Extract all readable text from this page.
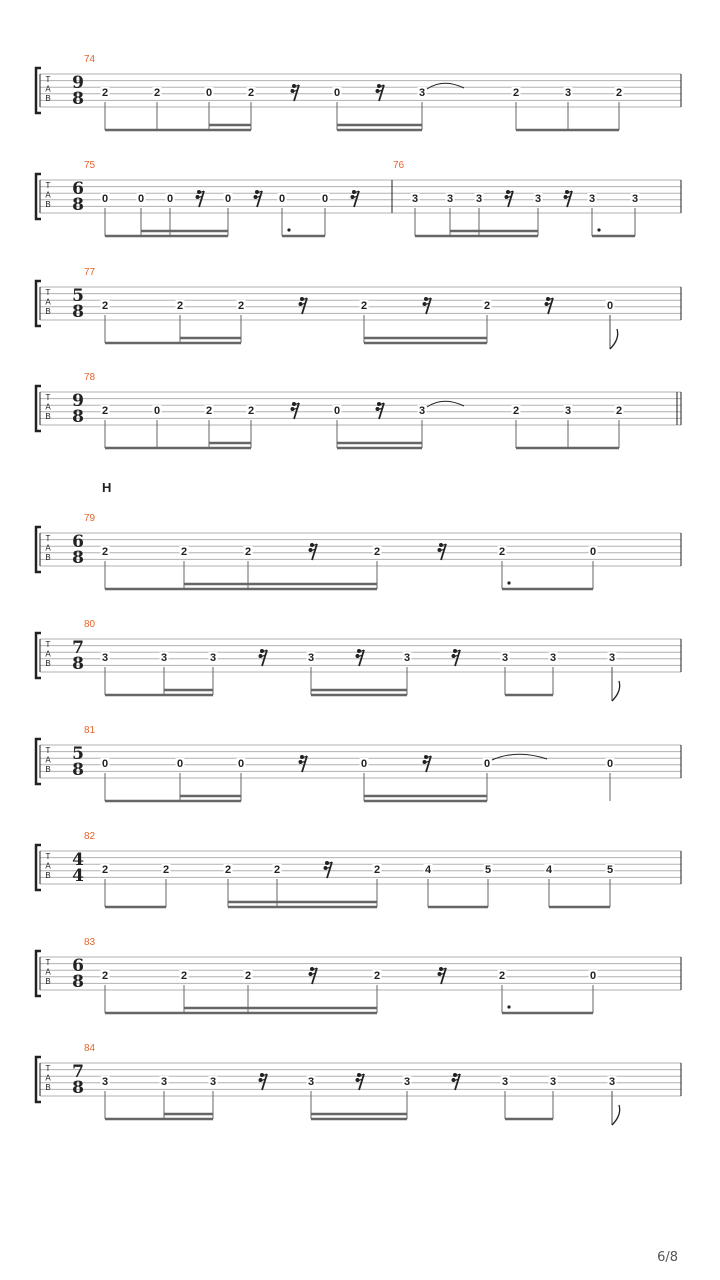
T
A
B
74
9
8 2	2	0	2	0	3	2	3	2
T
A
B
75
6
8 0	0 0	0	0	0
76
3	3 3	3	3	3
T
A
B
77
5
8 2	2	2	2	2	0
T
A
B
78
9
8 2	0	2	2	0	3	2	3	2
H
T
A
B
79
6
8 2	2	2	2	2	0
T
A
B
80
7
8 3	3	3	3	3	3	3	3
T
A
B
81
5
8 0	0	0	0	0	0
T
A
B
82
4
4 2	2	2	2	2	4	5	4	5
T
A
B
83
6
8 2	2	2	2	2	0
T
A
B
84
7
8 3	3	3	3	3	3	3	3
6/8
